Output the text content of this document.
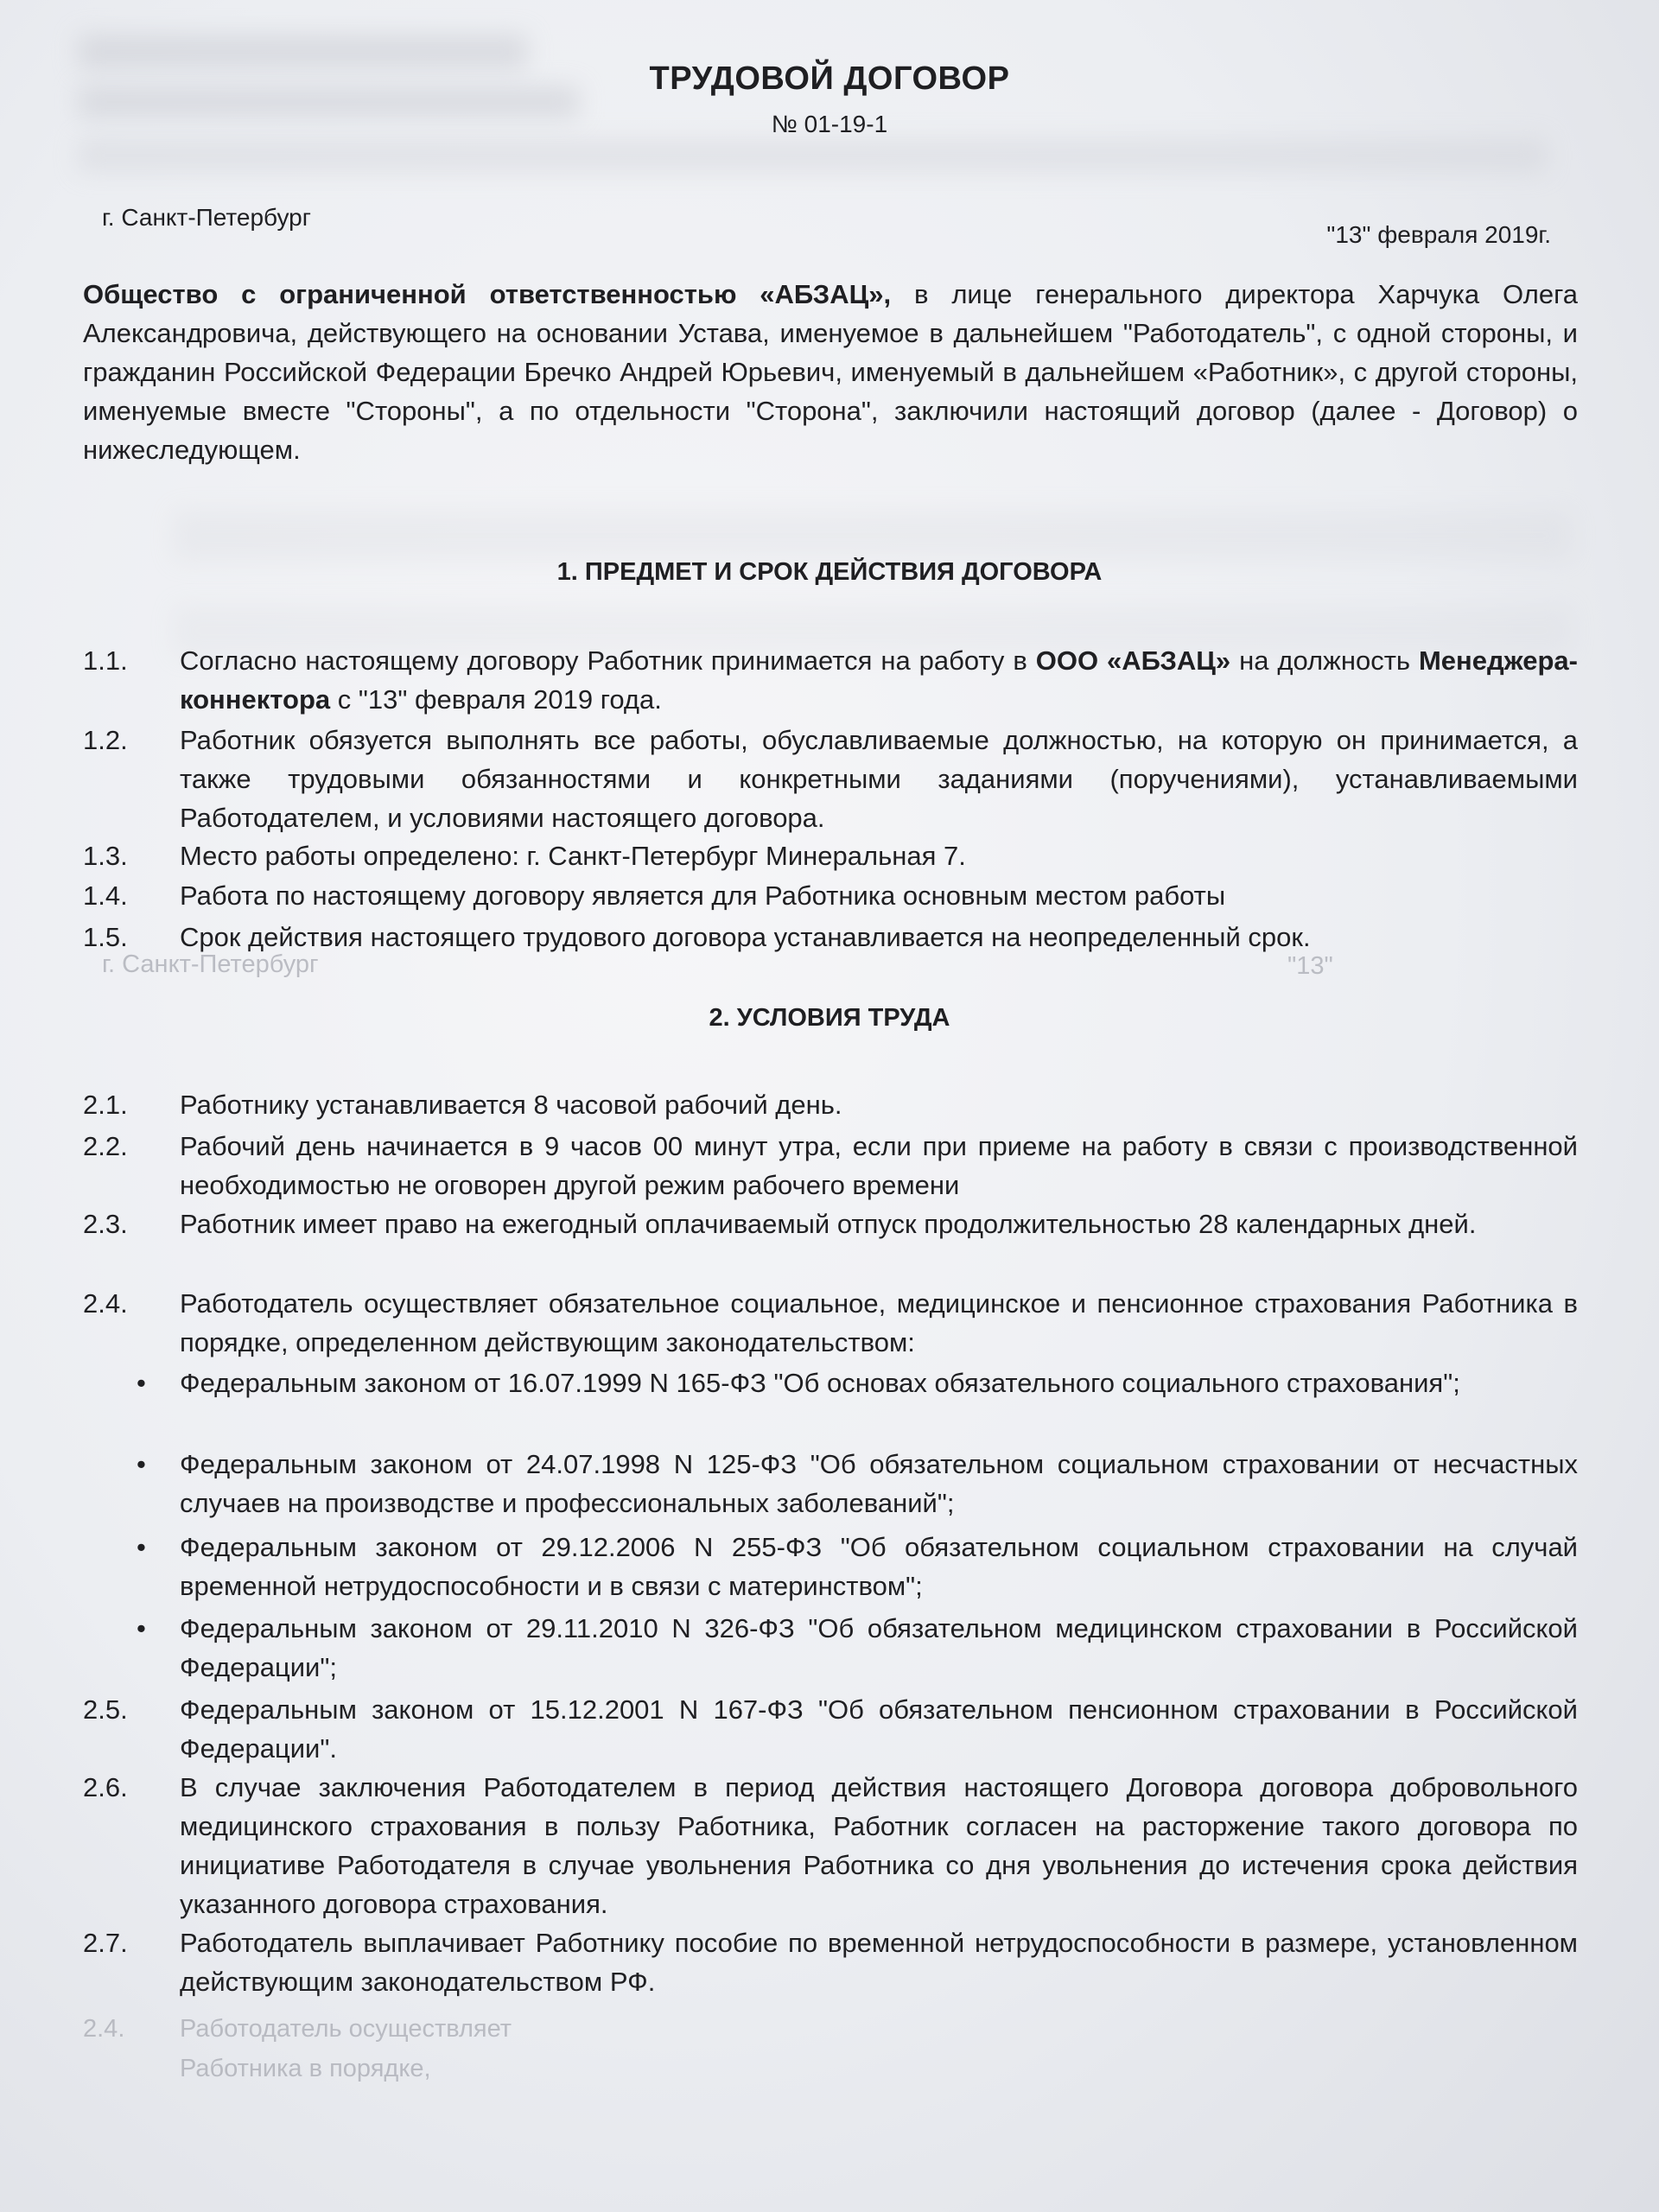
ТРУДОВОЙ ДОГОВОР
№ 01-19-1
г. Санкт-Петербург
"13" февраля 2019г.
Общество с ограниченной ответственностью «АБЗАЦ», в лице генерального директора Харчука Олега Александровича, действующего на основании Устава, именуемое в дальнейшем "Работодатель", с одной стороны, и гражданин Российской Федерации Бречко Андрей Юрьевич, именуемый в дальнейшем «Работник», с другой стороны, именуемые вместе "Стороны", а по отдельности "Сторона", заключили настоящий договор (далее - Договор) о нижеследующем.
1. ПРЕДМЕТ И СРОК ДЕЙСТВИЯ ДОГОВОРА
1.1.	Согласно настоящему договору Работник принимается на работу в ООО «АБЗАЦ» на должность Менеджера-коннектора с "13" февраля 2019 года.
1.2.	Работник обязуется выполнять все работы, обуславливаемые должностью, на которую он принимается, а также трудовыми обязанностями и конкретными заданиями (поручениями), устанавливаемыми Работодателем, и условиями настоящего договора.
1.3.	Место работы определено: г. Санкт-Петербург Минеральная 7.
1.4.	Работа по настоящему договору является для Работника основным местом работы
1.5.	Срок действия настоящего трудового договора устанавливается на неопределенный срок.
г. Санкт-Петербург	"13"
2. УСЛОВИЯ ТРУДА
2.1.	Работнику устанавливается 8 часовой рабочий день.
2.2.	Рабочий день начинается в 9 часов 00 минут утра, если при приеме на работу в связи с производственной необходимостью не оговорен другой режим рабочего времени
2.3.	Работник имеет право на ежегодный оплачиваемый отпуск продолжительностью 28 календарных дней.
2.4.	Работодатель осуществляет обязательное социальное, медицинское и пенсионное страхования Работника в порядке, определенном действующим законодательством:
• Федеральным законом от 16.07.1999 N 165-ФЗ "Об основах обязательного социального страхования";
• Федеральным законом от 24.07.1998 N 125-ФЗ "Об обязательном социальном страховании от несчастных случаев на производстве и профессиональных заболеваний";
• Федеральным законом от 29.12.2006 N 255-ФЗ "Об обязательном социальном страховании на случай временной нетрудоспособности и в связи с материнством";
• Федеральным законом от 29.11.2010 N 326-ФЗ "Об обязательном медицинском страховании в Российской Федерации";
2.5.	Федеральным законом от 15.12.2001 N 167-ФЗ "Об обязательном пенсионном страховании в Российской Федерации".
2.6.	В случае заключения Работодателем в период действия настоящего Договора договора добровольного медицинского страхования в пользу Работника, Работник согласен на расторжение такого договора по инициативе Работодателя в случае увольнения Работника со дня увольнения до истечения срока действия указанного договора страхования.
2.7.	Работодатель выплачивает Работнику пособие по временной нетрудоспособности в размере, установленном действующим законодательством РФ.
2.4. Работодатель осуществляет
Работника в порядке,
